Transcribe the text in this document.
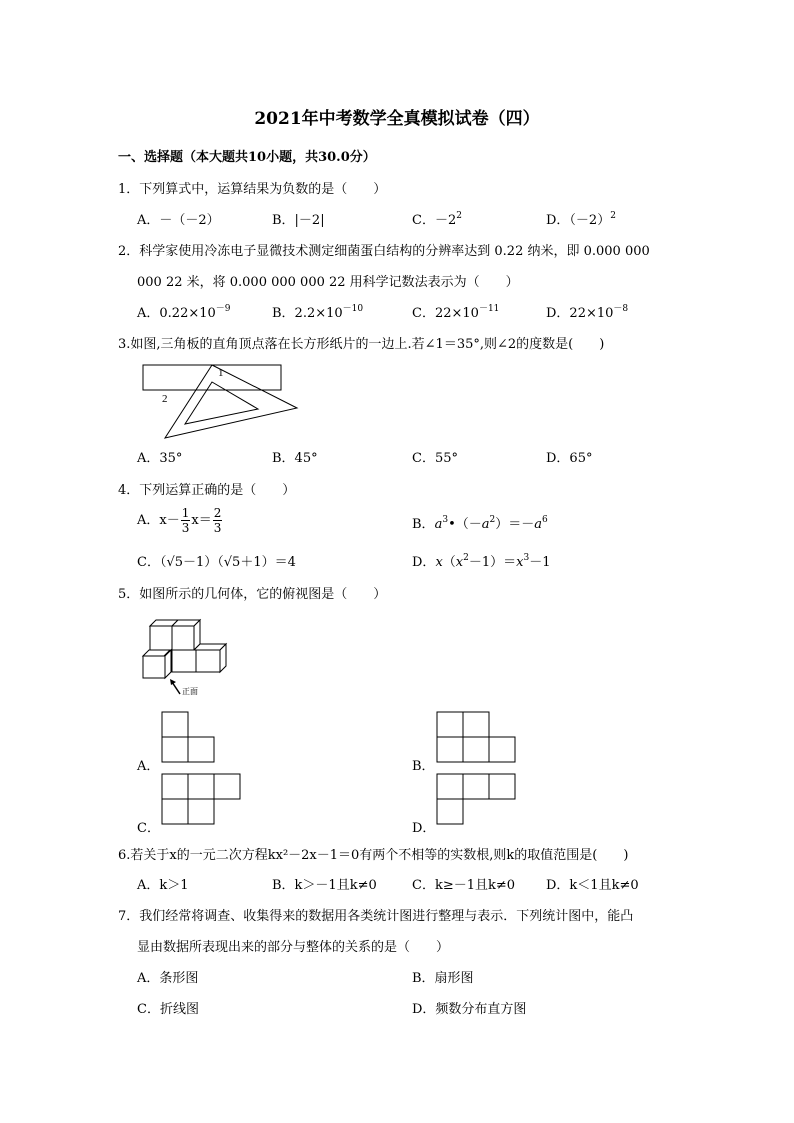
2021年中考数学全真模拟试卷（四）
一、选择题（本大题共10小题，共30.0分）
1．下列算式中，运算结果为负数的是（　　）
A．－（－2）	B．|－2|	C．$-2^2$	D．$(-2)^2$
2．科学家使用冷冻电子显微技术测定细菌蛋白结构的分辨率达到 0.22 纳米，即 0.000 000
000 22 米，将 0.000 000 000 22 用科学记数法表示为（　　）
A．$0.22\times 10^{-9}$	B．$2.2\times 10^{-10}$	C．$22\times 10^{-11}$	D．$22\times 10^{-8}$
3.如图,三角板的直角顶点落在长方形纸片的一边上.若∠1＝35°,则∠2的度数是(　　)
1
2
A．35°	B．45°	C．55°	D．65°
4．下列运算正确的是（　　）
A．$x- \frac{1}{3} x= \frac{2}{3}$	B．$a^3•(-a^2)=-a^6$
C．（√5－1）（√5＋1）＝4	D．$x(x^2-1)=x^3-1$
5．如图所示的几何体，它的俯视图是（　　）
正面
A．	B．
C．	D．
6.若关于x的一元二次方程kx²－2x－1＝0有两个不相等的实数根,则k的取值范围是(　　)
A．k＞1	B．k＞－1且k≠0	C．k≥－1且k≠0 D．k＜1且k≠0
7．我们经常将调查、收集得来的数据用各类统计图进行整理与表示．下列统计图中，能凸
显由数据所表现出来的部分与整体的关系的是（　　）
A．条形图	B．扇形图
C．折线图	D．频数分布直方图
